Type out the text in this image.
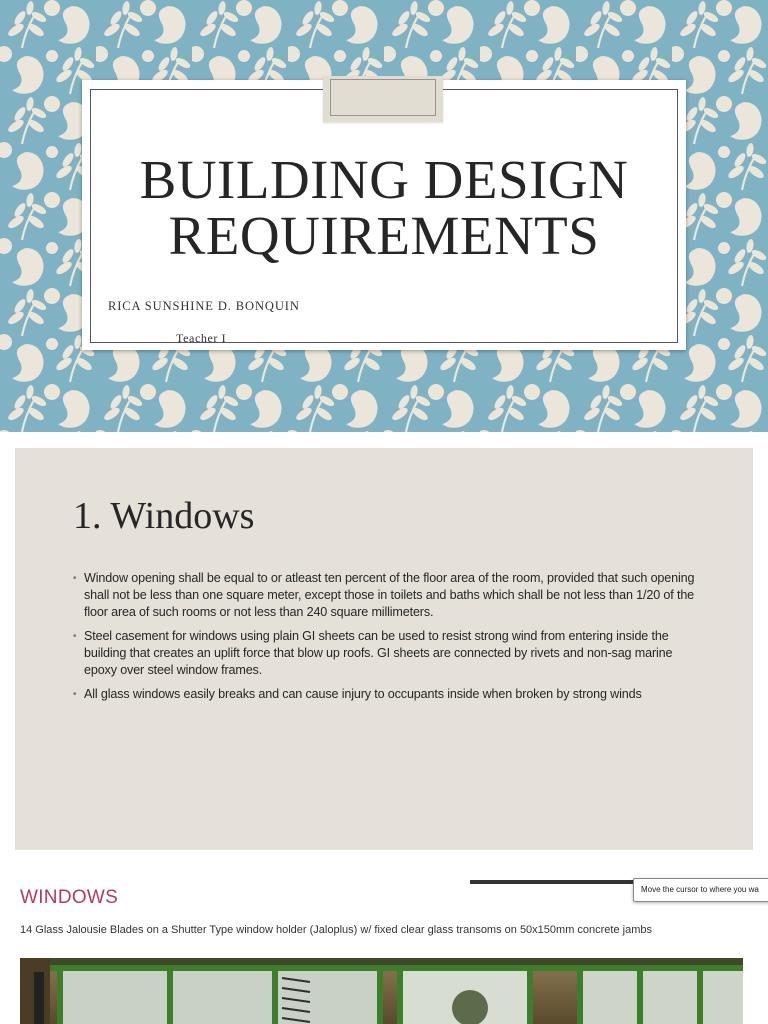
BUILDING DESIGN
REQUIREMENTS
RICA SUNSHINE D. BONQUIN
Teacher I
1. Windows
• Window opening shall be equal to or atleast ten percent of the floor area of the room, provided that such opening shall not be less than one square meter, except those in toilets and baths which shall be not less than 1/20 of the floor area of such rooms or not less than 240 square millimeters.
• Steel casement for windows using plain GI sheets can be used to resist strong wind from entering inside the building that creates an uplift force that blow up roofs. GI sheets are connected by rivets and non-sag marine epoxy over steel window frames.
• All glass windows easily breaks and can cause injury to occupants inside when broken by strong winds
WINDOWS	Move the cursor to where you wa
14 Glass Jalousie Blades on a Shutter Type window holder (Jaloplus) w/ fixed clear glass transoms on 50x150mm concrete jambs
